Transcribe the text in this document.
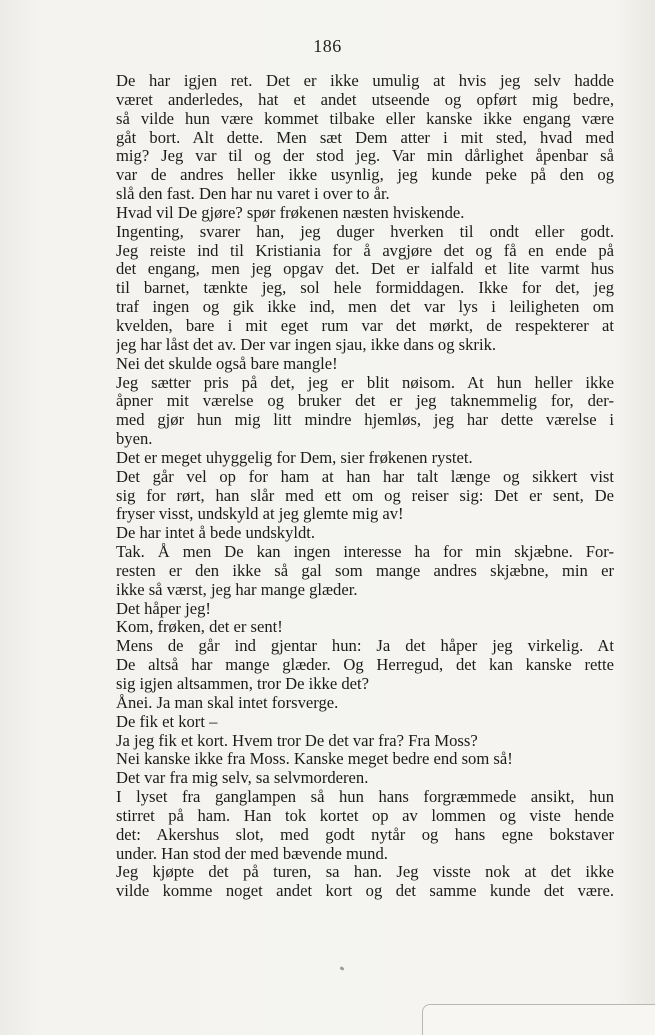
186
De har igjen ret. Det er ikke umulig at hvis jeg selv hadde
været anderledes, hat et andet utseende og opført mig bedre,
så vilde hun være kommet tilbake eller kanske ikke engang være
gåt bort. Alt dette. Men sæt Dem atter i mit sted, hvad med
mig? Jeg var til og der stod jeg. Var min dårlighet åpenbar så
var de andres heller ikke usynlig, jeg kunde peke på den og
slå den fast. Den har nu varet i over to år.
Hvad vil De gjøre? spør frøkenen næsten hviskende.
Ingenting, svarer han, jeg duger hverken til ondt eller godt.
Jeg reiste ind til Kristiania for å avgjøre det og få en ende på
det engang, men jeg opgav det. Det er ialfald et lite varmt hus
til barnet, tænkte jeg, sol hele formiddagen. Ikke for det, jeg
traf ingen og gik ikke ind, men det var lys i leiligheten om
kvelden, bare i mit eget rum var det mørkt, de respekterer at
jeg har låst det av. Der var ingen sjau, ikke dans og skrik.
Nei det skulde også bare mangle!
Jeg sætter pris på det, jeg er blit nøisom. At hun heller ikke
åpner mit værelse og bruker det er jeg taknemmelig for, der-
med gjør hun mig litt mindre hjemløs, jeg har dette værelse i
byen.
Det er meget uhyggelig for Dem, sier frøkenen rystet.
Det går vel op for ham at han har talt længe og sikkert vist
sig for rørt, han slår med ett om og reiser sig: Det er sent, De
fryser visst, undskyld at jeg glemte mig av!
De har intet å bede undskyldt.
Tak. Å men De kan ingen interesse ha for min skjæbne. For-
resten er den ikke så gal som mange andres skjæbne, min er
ikke så værst, jeg har mange glæder.
Det håper jeg!
Kom, frøken, det er sent!
Mens de går ind gjentar hun: Ja det håper jeg virkelig. At
De altså har mange glæder. Og Herregud, det kan kanske rette
sig igjen altsammen, tror De ikke det?
Ånei. Ja man skal intet forsverge.
De fik et kort –
Ja jeg fik et kort. Hvem tror De det var fra? Fra Moss?
Nei kanske ikke fra Moss. Kanske meget bedre end som så!
Det var fra mig selv, sa selvmorderen.
I lyset fra ganglampen så hun hans forgræmmede ansikt, hun
stirret på ham. Han tok kortet op av lommen og viste hende
det: Akershus slot, med godt nytår og hans egne bokstaver
under. Han stod der med bævende mund.
Jeg kjøpte det på turen, sa han. Jeg visste nok at det ikke
vilde komme noget andet kort og det samme kunde det være.
